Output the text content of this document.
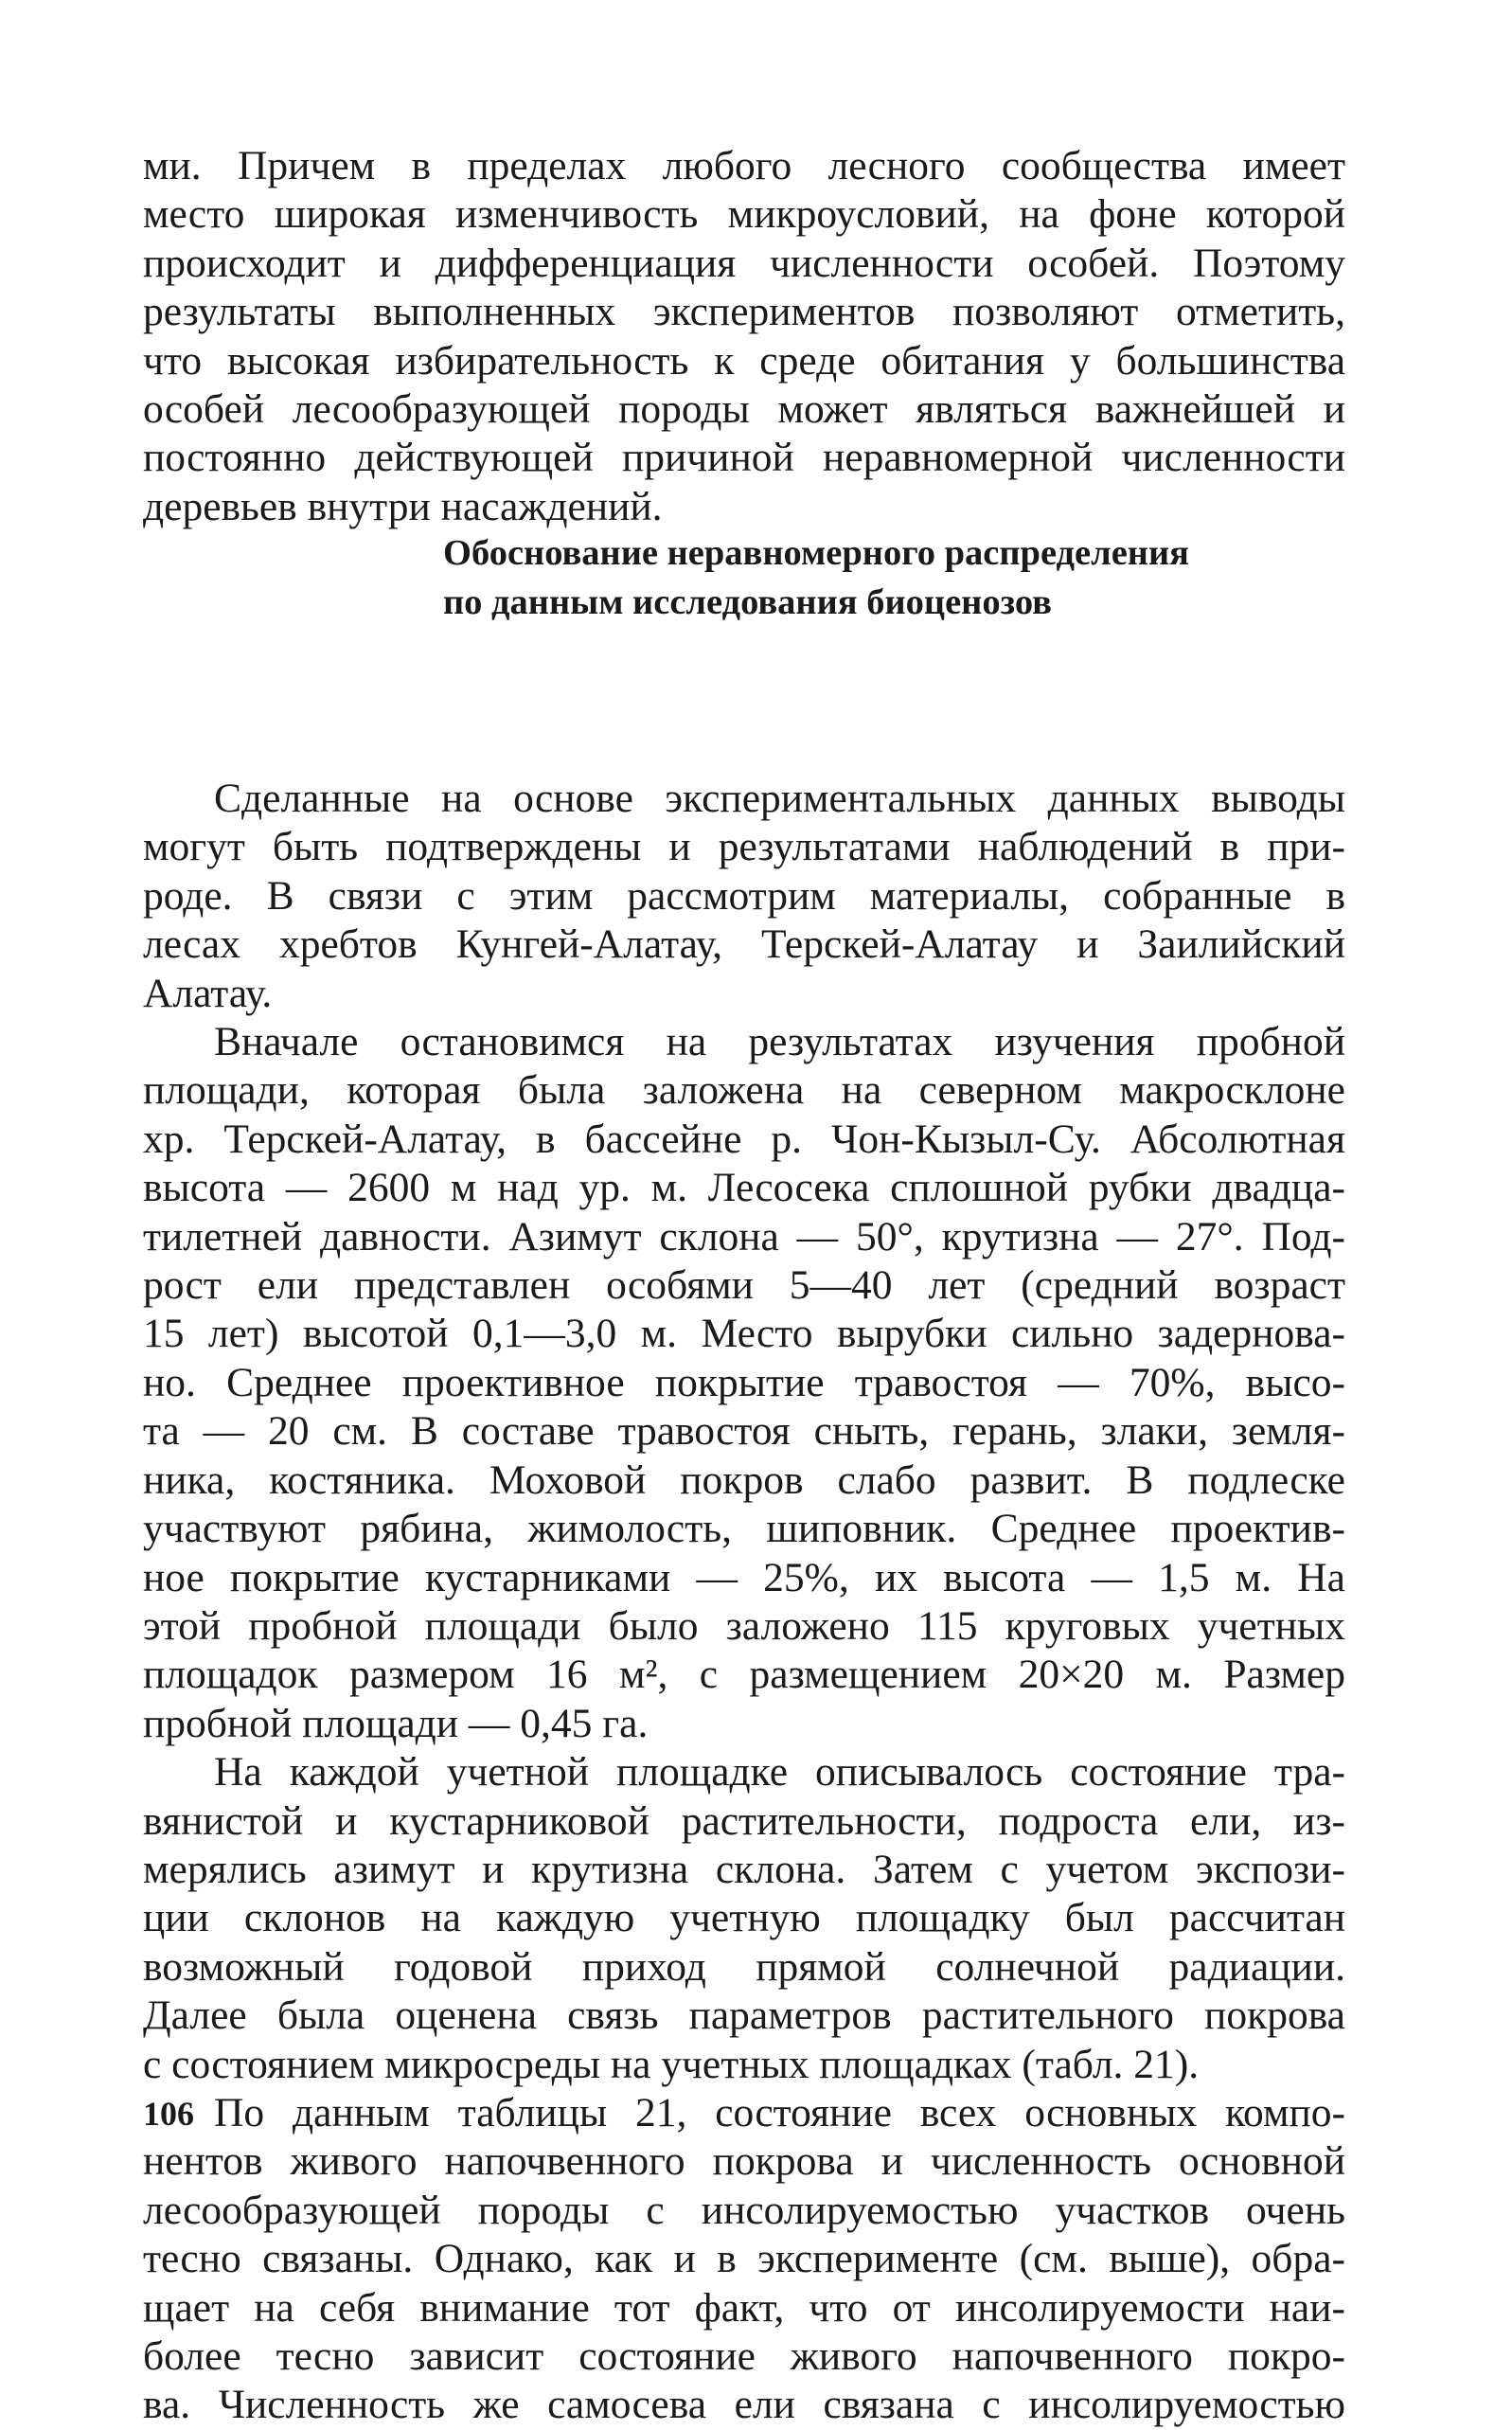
ми. Причем в пределах любого лесного сообщества имеет
место широкая изменчивость микроусловий, на фоне которой
происходит и дифференциация численности особей. Поэтому
результаты выполненных экспериментов позволяют отметить,
что высокая избирательность к среде обитания у большинства
особей лесообразующей породы может являться важнейшей и
постоянно действующей причиной неравномерной численности
деревьев внутри насаждений.
Обоснование неравномерного распределения
по данным исследования биоценозов
Сделанные на основе экспериментальных данных выводы
могут быть подтверждены и результатами наблюдений в при-
роде. В связи с этим рассмотрим материалы, собранные в
лесах хребтов Кунгей-Алатау, Терскей-Алатау и Заилийский
Алатау.
Вначале остановимся на результатах изучения пробной
площади, которая была заложена на северном макросклоне
хр. Терскей-Алатау, в бассейне р. Чон-Кызыл-Су. Абсолютная
высота — 2600 м над ур. м. Лесосека сплошной рубки двадца-
тилетней давности. Азимут склона — 50°, крутизна — 27°. Под-
рост ели представлен особями 5—40 лет (средний возраст
15 лет) высотой 0,1—3,0 м. Место вырубки сильно задернова-
но. Среднее проективное покрытие травостоя — 70%, высо-
та — 20 см. В составе травостоя сныть, герань, злаки, земля-
ника, костяника. Моховой покров слабо развит. В подлеске
участвуют рябина, жимолость, шиповник. Среднее проектив-
ное покрытие кустарниками — 25%, их высота — 1,5 м. На
этой пробной площади было заложено 115 круговых учетных
площадок размером 16 м², с размещением 20×20 м. Размер
пробной площади — 0,45 га.
На каждой учетной площадке описывалось состояние тра-
вянистой и кустарниковой растительности, подроста ели, из-
мерялись азимут и крутизна склона. Затем с учетом экспози-
ции склонов на каждую учетную площадку был рассчитан
возможный годовой приход прямой солнечной радиации.
Далее была оценена связь параметров растительного покрова
с состоянием микросреды на учетных площадках (табл. 21).
По данным таблицы 21, состояние всех основных компо-
нентов живого напочвенного покрова и численность основной
лесообразующей породы с инсолируемостью участков очень
тесно связаны. Однако, как и в эксперименте (см. выше), обра-
щает на себя внимание тот факт, что от инсолируемости наи-
более тесно зависит состояние живого напочвенного покро-
ва. Численность же самосева ели связана с инсолируемостью
106
